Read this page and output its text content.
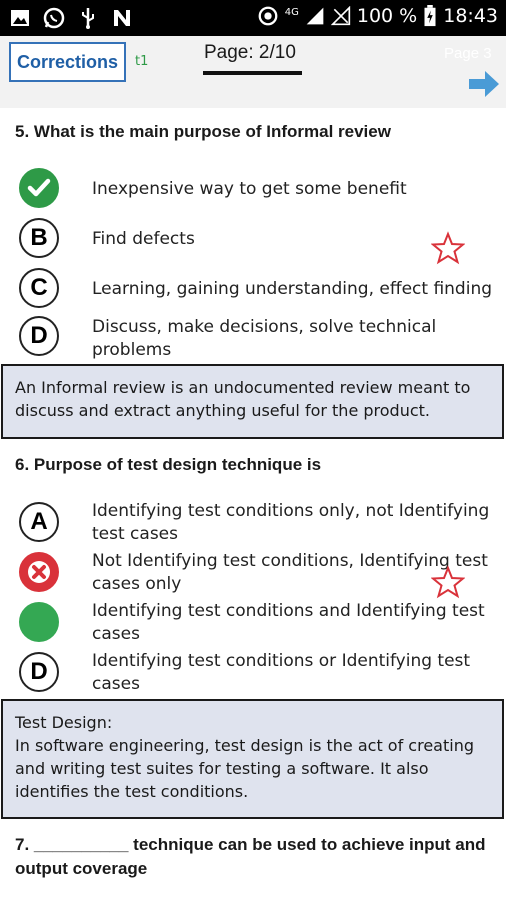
$^{4G}$	100 % 18:43
Corrections	t1	Page: 2/10	Page 3
5. What is the main purpose of Informal review
Inexpensive way to get some benefit
B	Find defects
C	Learning, gaining understanding, effect finding
D	Discuss, make decisions, solve technical problems
An Informal review is an undocumented review meant to discuss and extract anything useful for the product.
6. Purpose of test design technique is
A	Identifying test conditions only, not Identifying test cases
Not Identifying test conditions, Identifying test cases only
Identifying test conditions and Identifying test cases
D	Identifying test conditions or Identifying test cases
Test Design:
In software engineering, test design is the act of creating and writing test suites for testing a software. It also identifies the test conditions.
7. __________ technique can be used to achieve input and output coverage
